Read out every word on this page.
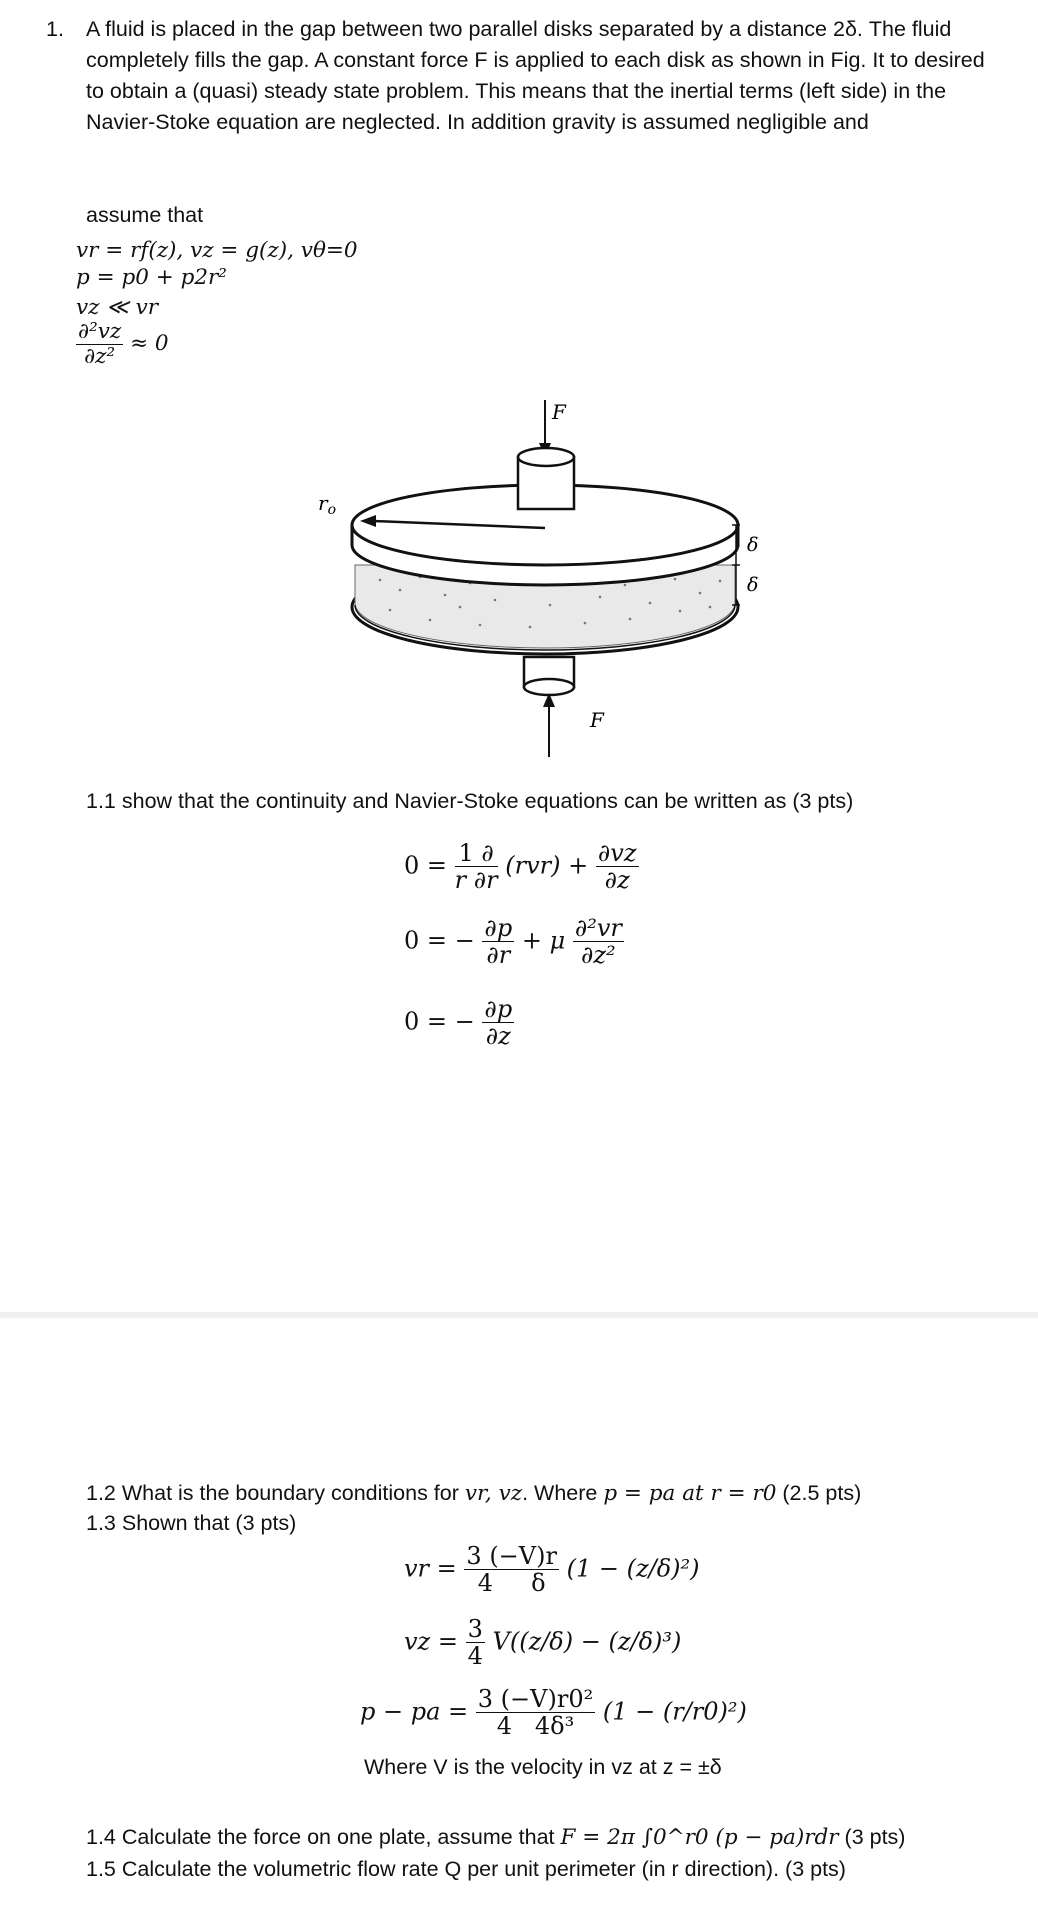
1. A fluid is placed in the gap between two parallel disks separated by a distance 2δ. The fluid completely fills the gap. A constant force F is applied to each disk as shown in Fig. It to desired to obtain a (quasi) steady state problem. This means that the inertial terms (left side) in the Navier-Stoke equation are neglected. In addition gravity is assumed negligible and
assume that
vr = rf(z), vz = g(z), vθ=0
p = p0 + p2r²
vz ≪ vr
$\frac{\text{∂²vz}}{\text{∂z²}} \approx 0$
F
$r_o$
F
δ
δ
1.1 show that the continuity and Navier-Stoke equations can be written as (3 pts)
$0 = \frac{1 \partial}{r \partial r} (rvr) + \frac{\partial vz}{\partial z}$
0 = − $\frac{\partial p}{\partial r} + \mu \frac{\text{∂²vr}}{\text{∂z²}}$
0 = − $\frac{\partial p}{\partial z}$
1.2 What is the boundary conditions for vr, vz. Where p = pa at r = r0 (2.5 pts)
1.3 Shown that (3 pts)
vr = $\frac{3 (-V)r}{4 \delta} (1 - (z/\delta)^2)$
vz = $\frac{3}{4} V((z/\delta) - (z/\delta)^3)$
p − pa = $\frac{\text{3 (−V)r0²}}{\text{4   4δ³}} (1 - (r/r0)^2)$
Where V is the velocity in vz at z = ±δ
1.4 Calculate the force on one plate, assume that F = 2π ∫0^r0 (p − pa)rdr (3 pts)
1.5 Calculate the volumetric flow rate Q per unit perimeter (in r direction). (3 pts)
